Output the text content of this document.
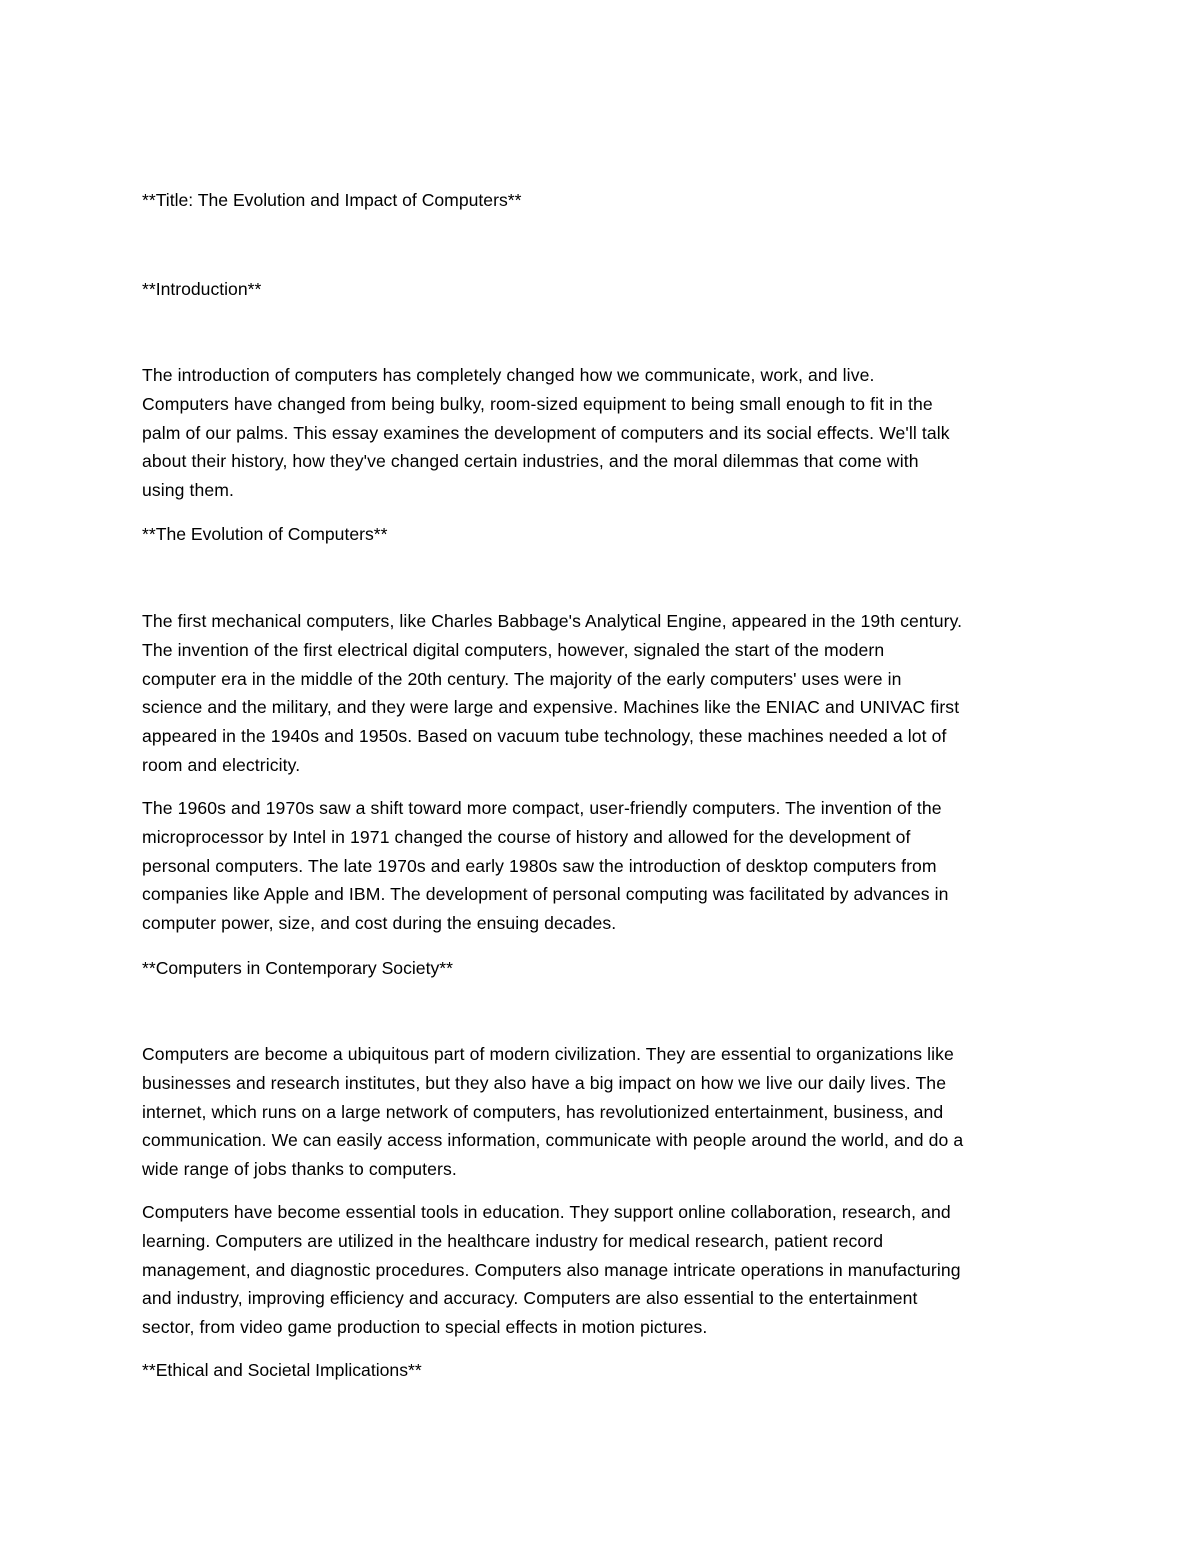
**Title: The Evolution and Impact of Computers**

**Introduction**

The introduction of computers has completely changed how we communicate, work, and live.
Computers have changed from being bulky, room-sized equipment to being small enough to fit in the
palm of our palms. This essay examines the development of computers and its social effects. We'll talk
about their history, how they've changed certain industries, and the moral dilemmas that come with
using them.

**The Evolution of Computers**

The first mechanical computers, like Charles Babbage's Analytical Engine, appeared in the 19th century.
The invention of the first electrical digital computers, however, signaled the start of the modern
computer era in the middle of the 20th century. The majority of the early computers' uses were in
science and the military, and they were large and expensive. Machines like the ENIAC and UNIVAC first
appeared in the 1940s and 1950s. Based on vacuum tube technology, these machines needed a lot of
room and electricity.
The 1960s and 1970s saw a shift toward more compact, user-friendly computers. The invention of the
microprocessor by Intel in 1971 changed the course of history and allowed for the development of
personal computers. The late 1970s and early 1980s saw the introduction of desktop computers from
companies like Apple and IBM. The development of personal computing was facilitated by advances in
computer power, size, and cost during the ensuing decades.

**Computers in Contemporary Society**

Computers are become a ubiquitous part of modern civilization. They are essential to organizations like
businesses and research institutes, but they also have a big impact on how we live our daily lives. The
internet, which runs on a large network of computers, has revolutionized entertainment, business, and
communication. We can easily access information, communicate with people around the world, and do a
wide range of jobs thanks to computers.
Computers have become essential tools in education. They support online collaboration, research, and
learning. Computers are utilized in the healthcare industry for medical research, patient record
management, and diagnostic procedures. Computers also manage intricate operations in manufacturing
and industry, improving efficiency and accuracy. Computers are also essential to the entertainment
sector, from video game production to special effects in motion pictures.

**Ethical and Societal Implications**
